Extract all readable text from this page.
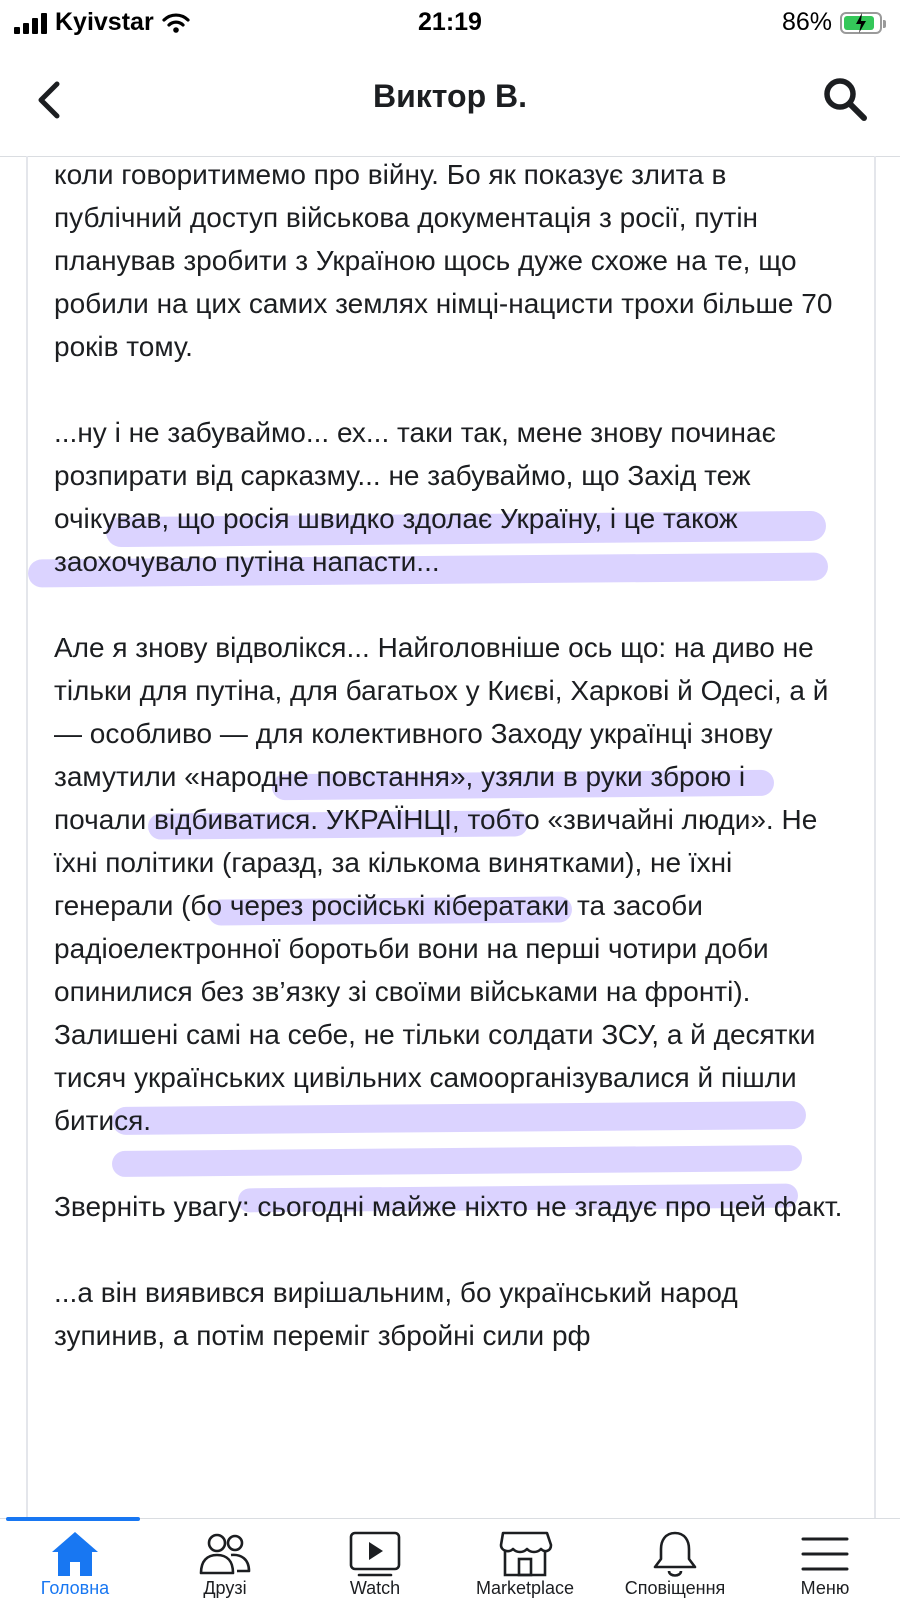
Kyivstar	21:19	86%
Виктор В.

коли говоритимемо про війну. Бо як показує злита в публічний доступ військова документація з росії, путін планував зробити з Україною щось дуже схоже на те, що робили на цих самих землях німці-нацисти трохи більше 70 років тому.

...ну і не забуваймо... ех... таки так, мене знову починає розпирати від сарказму... не забуваймо, що Захід теж очікував, що росія швидко здолає Україну, і це також заохочувало путіна напасти...

Але я знову відволікся... Найголовніше ось що: на диво не тільки для путіна, для багатьох у Києві, Харкові й Одесі, а й — особливо — для колективного Заходу українці знову замутили «народне повстання», узяли в руки зброю і почали відбиватися. УКРАЇНЦІ, тобто «звичайні люди». Не їхні політики (гаразд, за кількома винятками), не їхні генерали (бо через російські кібератаки та засоби радіоелектронної боротьби вони на перші чотири доби опинилися без зв’язку зі своїми військами на фронті). Залишені самі на себе, не тільки солдати ЗСУ, а й десятки тисяч українських цивільних самоорганізувалися й пішли битися.

Зверніть увагу: сьогодні майже ніхто не згадує про цей факт.

...а він виявився вирішальним, бо український народ зупинив, а потім переміг збройні сили рф

Головна	Друзі	Watch	Marketplace	Сповіщення	Меню
